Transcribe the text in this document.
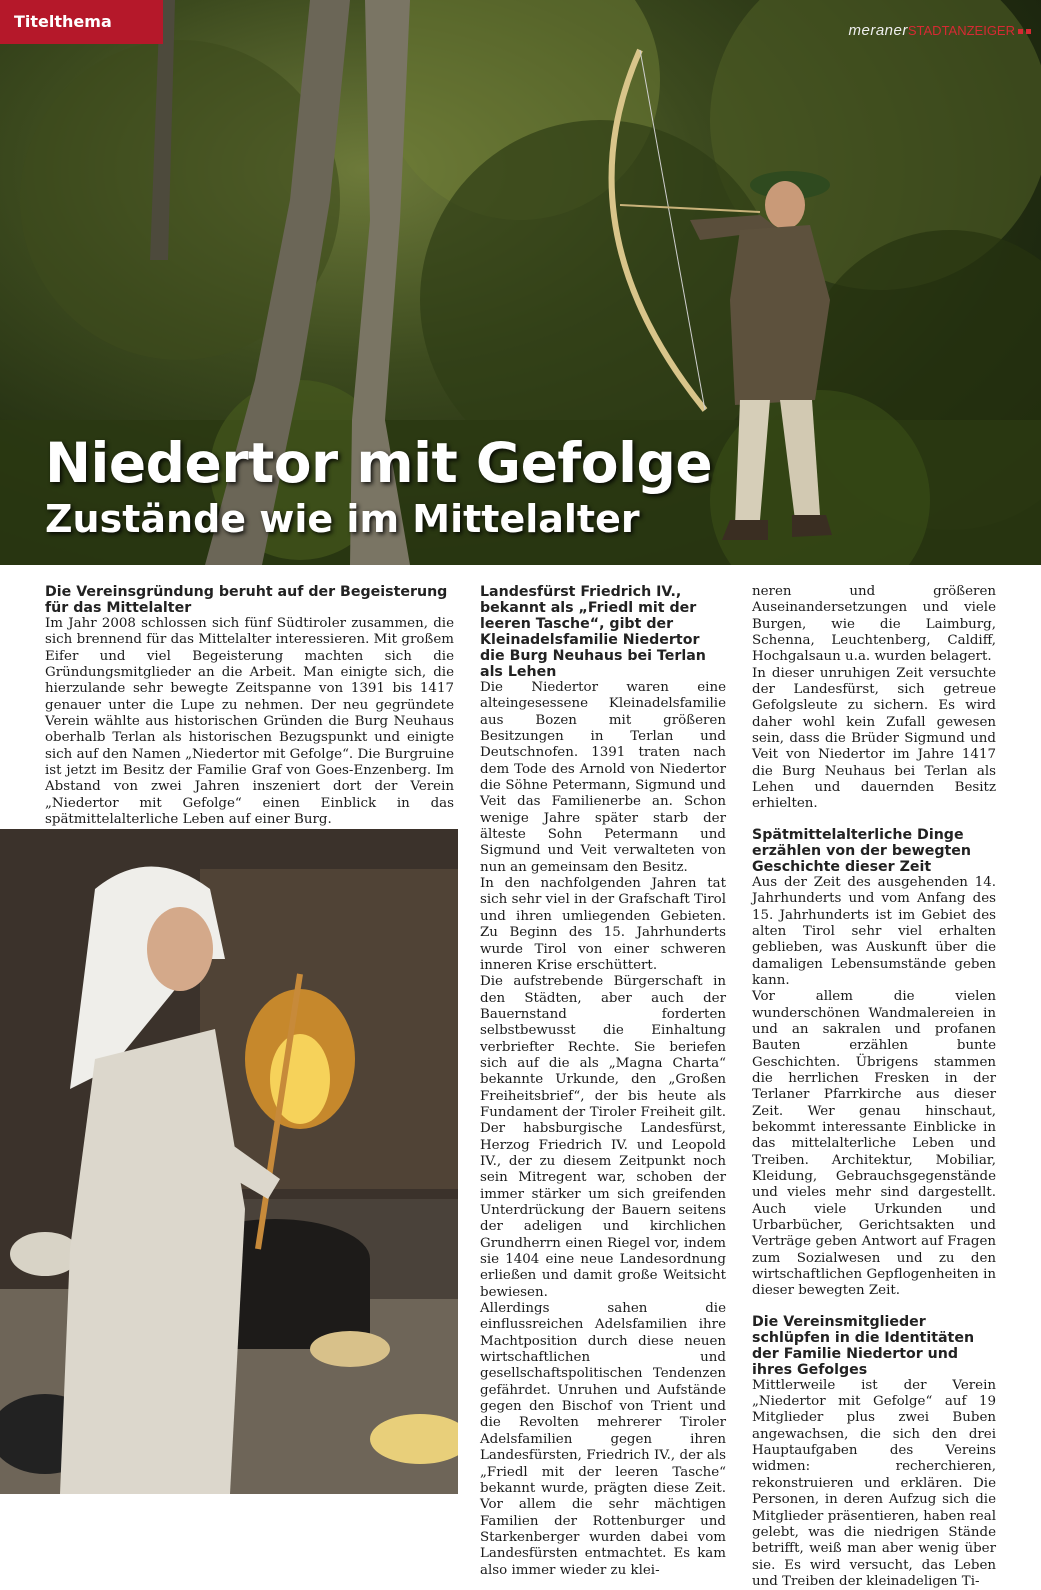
Titelthema	meranerSTADTANZEIGER
Niedertor mit Gefolge
Zustände wie im Mittelalter
Die Vereinsgründung beruht auf der Begeisterung für das Mittelalter

Im Jahr 2008 schlossen sich fünf Südtiroler zusammen, die sich brennend für das Mittelalter interessieren. Mit großem Eifer und viel Begeisterung machten sich die Gründungsmitglieder an die Arbeit. Man einigte sich, die hierzulande sehr bewegte Zeitspanne von 1391 bis 1417 genauer unter die Lupe zu nehmen. Der neu gegründete Verein wählte aus historischen Gründen die Burg Neuhaus oberhalb Terlan als historischen Bezugspunkt und einigte sich auf den Namen „Niedertor mit Gefolge“. Die Burgruine ist jetzt im Besitz der Familie Graf von Goes-Enzenberg. Im Abstand von zwei Jahren inszeniert dort der Verein „Niedertor mit Gefolge“ einen Einblick in das spätmittelalterliche Leben auf einer Burg.

Landesfürst Friedrich IV., bekannt als „Friedl mit der leeren Tasche“, gibt der Kleinadelsfamilie Niedertor die Burg Neuhaus bei Terlan als Lehen

Die Niedertor waren eine alteingesessene Kleinadelsfamilie aus Bozen mit größeren Besitzungen in Terlan und Deutschnofen. 1391 traten nach dem Tode des Arnold von Niedertor die Söhne Petermann, Sigmund und Veit das Familienerbe an. Schon wenige Jahre später starb der älteste Sohn Petermann und Sigmund und Veit verwalteten von nun an gemeinsam den Besitz.

In den nachfolgenden Jahren tat sich sehr viel in der Grafschaft Tirol und ihren umliegenden Gebieten. Zu Beginn des 15. Jahrhunderts wurde Tirol von einer schweren inneren Krise erschüttert.

Die aufstrebende Bürgerschaft in den Städten, aber auch der Bauernstand forderten selbstbewusst die Einhaltung verbriefter Rechte. Sie beriefen sich auf die als „Magna Charta“ bekannte Urkunde, den „Großen Freiheitsbrief“, der bis heute als Fundament der Tiroler Freiheit gilt. Der habsburgische Landesfürst, Herzog Friedrich IV. und Leopold IV., der zu diesem Zeitpunkt noch sein Mitregent war, schoben der immer stärker um sich greifenden Unterdrückung der Bauern seitens der adeligen und kirchlichen Grundherrn einen Riegel vor, indem sie 1404 eine neue Landesordnung erließen und damit große Weitsicht bewiesen.

Allerdings sahen die einflussreichen Adelsfamilien ihre Machtposition durch diese neuen wirtschaftlichen und gesellschaftspolitischen Tendenzen gefährdet. Unruhen und Aufstände gegen den Bischof von Trient und die Revolten mehrerer Tiroler Adelsfamilien gegen ihren Landesfürsten, Friedrich IV., der als „Friedl mit der leeren Tasche“ bekannt wurde, prägten diese Zeit. Vor allem die sehr mächtigen Familien der Rottenburger und Starkenberger wurden dabei vom Landesfürsten entmachtet. Es kam also immer wieder zu klei-

neren und größeren Auseinandersetzungen und viele Burgen, wie die Laimburg, Schenna, Leuchtenberg, Caldiff, Hochgalsaun u.a. wurden belagert.

In dieser unruhigen Zeit versuchte der Landesfürst, sich getreue Gefolgsleute zu sichern. Es wird daher wohl kein Zufall gewesen sein, dass die Brüder Sigmund und Veit von Niedertor im Jahre 1417 die Burg Neuhaus bei Terlan als Lehen und dauernden Besitz erhielten.

Spätmittelalterliche Dinge erzählen von der bewegten Geschichte dieser Zeit

Aus der Zeit des ausgehenden 14. Jahrhunderts und vom Anfang des 15. Jahrhunderts ist im Gebiet des alten Tirol sehr viel erhalten geblieben, was Auskunft über die damaligen Lebensumstände geben kann.

Vor allem die vielen wunderschönen Wandmalereien in und an sakralen und profanen Bauten erzählen bunte Geschichten. Übrigens stammen die herrlichen Fresken in der Terlaner Pfarrkirche aus dieser Zeit. Wer genau hinschaut, bekommt interessante Einblicke in das mittelalterliche Leben und Treiben. Architektur, Mobiliar, Kleidung, Gebrauchsgegenstände und vieles mehr sind dargestellt. Auch viele Urkunden und Urbarbücher, Gerichtsakten und Verträge geben Antwort auf Fragen zum Sozialwesen und zu den wirtschaftlichen Gepflogenheiten in dieser bewegten Zeit.

Die Vereinsmitglieder schlüpfen in die Identitäten der Familie Niedertor und ihres Gefolges

Mittlerweile ist der Verein „Niedertor mit Gefolge“ auf 19 Mitglieder plus zwei Buben angewachsen, die sich den drei Hauptaufgaben des Vereins widmen: recherchieren, rekonstruieren und erklären. Die Personen, in deren Aufzug sich die Mitglieder präsentieren, haben real gelebt, was die niedrigen Stände betrifft, weiß man aber wenig über sie. Es wird versucht, das Leben und Treiben der kleinadeligen Ti-
